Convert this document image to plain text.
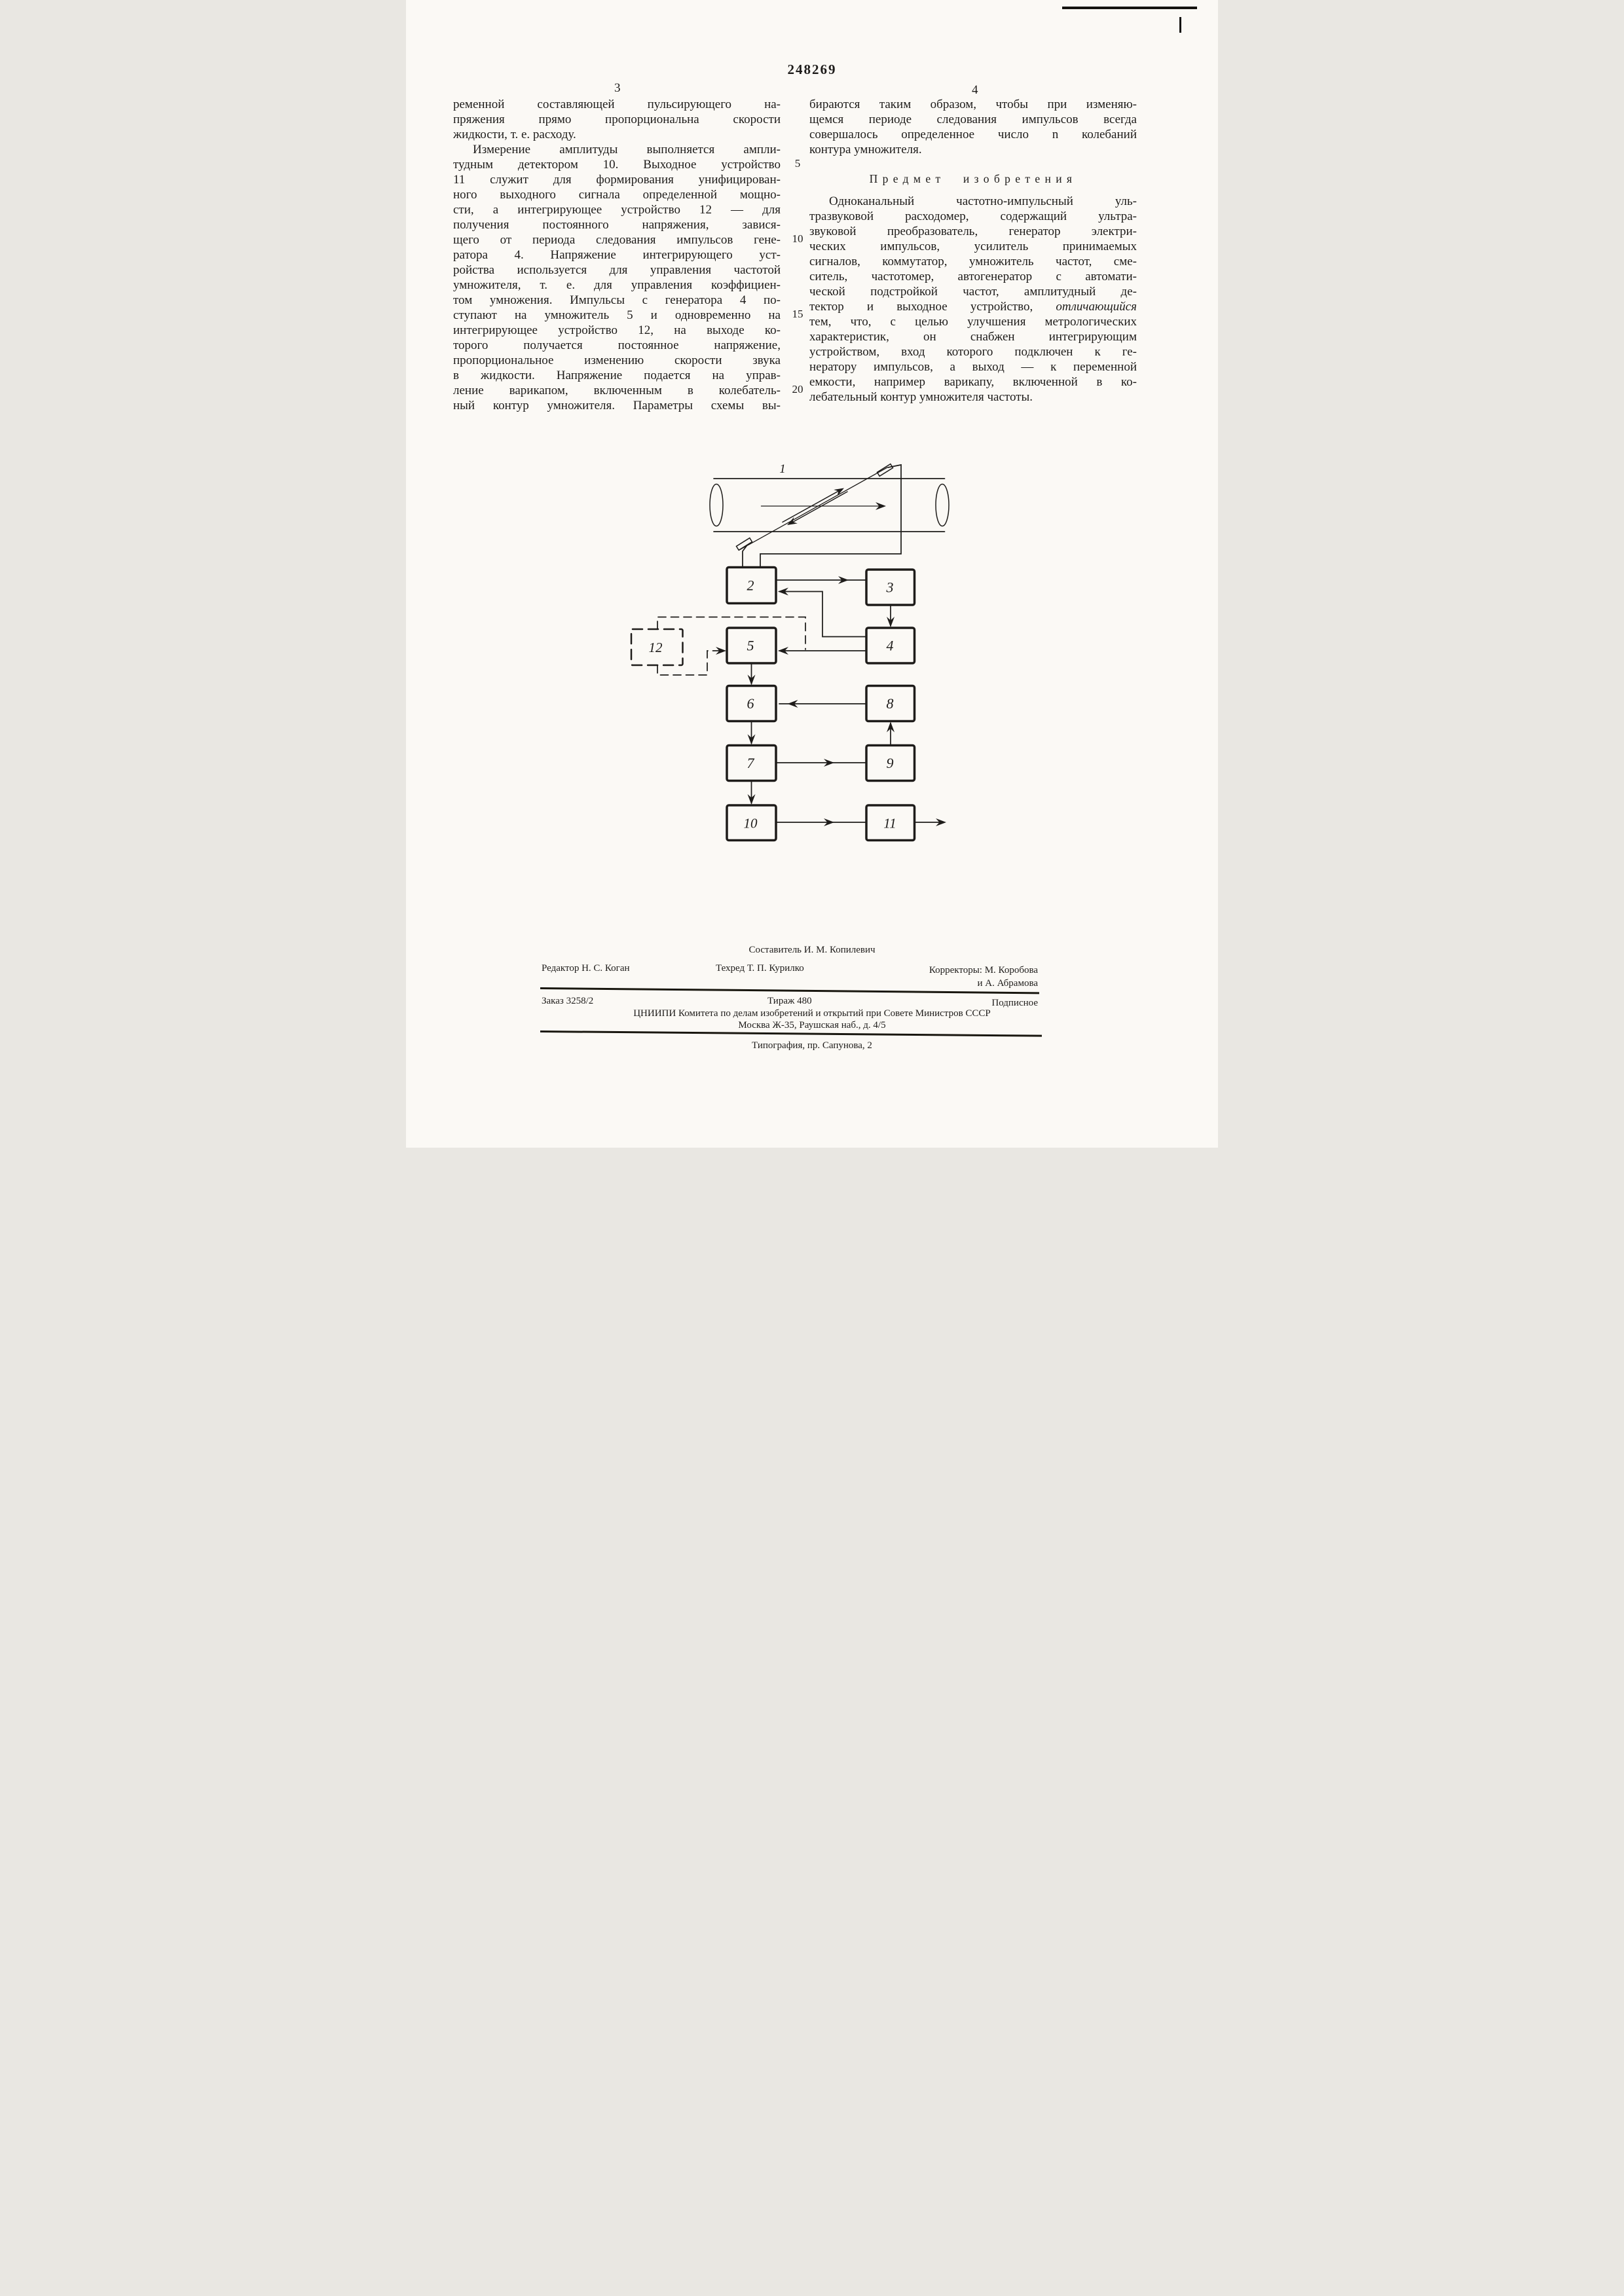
248269
3	4
5
10
15
20
ременной составляющей пульсирующего на-
пряжения прямо пропорциональна скорости
жидкости, т. е. расходу.
Измерение амплитуды выполняется ампли-
тудным детектором 10. Выходное устройство
11 служит для формирования унифицирован-
ного выходного сигнала определенной мощно-
сти, а интегрирующее устройство 12 — для
получения постоянного напряжения, завися-
щего от периода следования импульсов гене-
ратора 4. Напряжение интегрирующего уст-
ройства используется для управления частотой
умножителя, т. е. для управления коэффициен-
том умножения. Импульсы с генератора 4 по-
ступают на умножитель 5 и одновременно на
интегрирующее устройство 12, на выходе ко-
торого получается постоянное напряжение,
пропорциональное изменению скорости звука
в жидкости. Напряжение подается на управ-
ление варикапом, включенным в колебатель-
ный контур умножителя. Параметры схемы вы-
бираются таким образом, чтобы при изменяю-
щемся периоде следования импульсов всегда
совершалось определенное число n колебаний
контура умножителя.
Предмет изобретения
Одноканальный частотно-импульсный уль-
тразвуковой расходомер, содержащий ультра-
звуковой преобразователь, генератор электри-
ческих импульсов, усилитель принимаемых
сигналов, коммутатор, умножитель частот, сме-
ситель, частотомер, автогенератор с автомати-
ческой подстройкой частот, амплитудный де-
тектор и выходное устройство, отличающийся
тем, что, с целью улучшения метрологических
характеристик, он снабжен интегрирующим
устройством, вход которого подключен к ге-
нератору импульсов, а выход — к переменной
емкости, например варикапу, включенной в ко-
лебательный контур умножителя частоты.
1
2	3
4
5
6
7	9
8
10	11
12
Составитель И. М. Копилевич
Редактор Н. С. Коган	Техред Т. П. Курилко	Корректоры: М. Коробова
и А. Абрамова
Заказ 3258/2	Тираж 480	Подписное
ЦНИИПИ Комитета по делам изобретений и открытий при Совете Министров СССР
Москва Ж-35, Раушская наб., д. 4/5
Типография, пр. Сапунова, 2
